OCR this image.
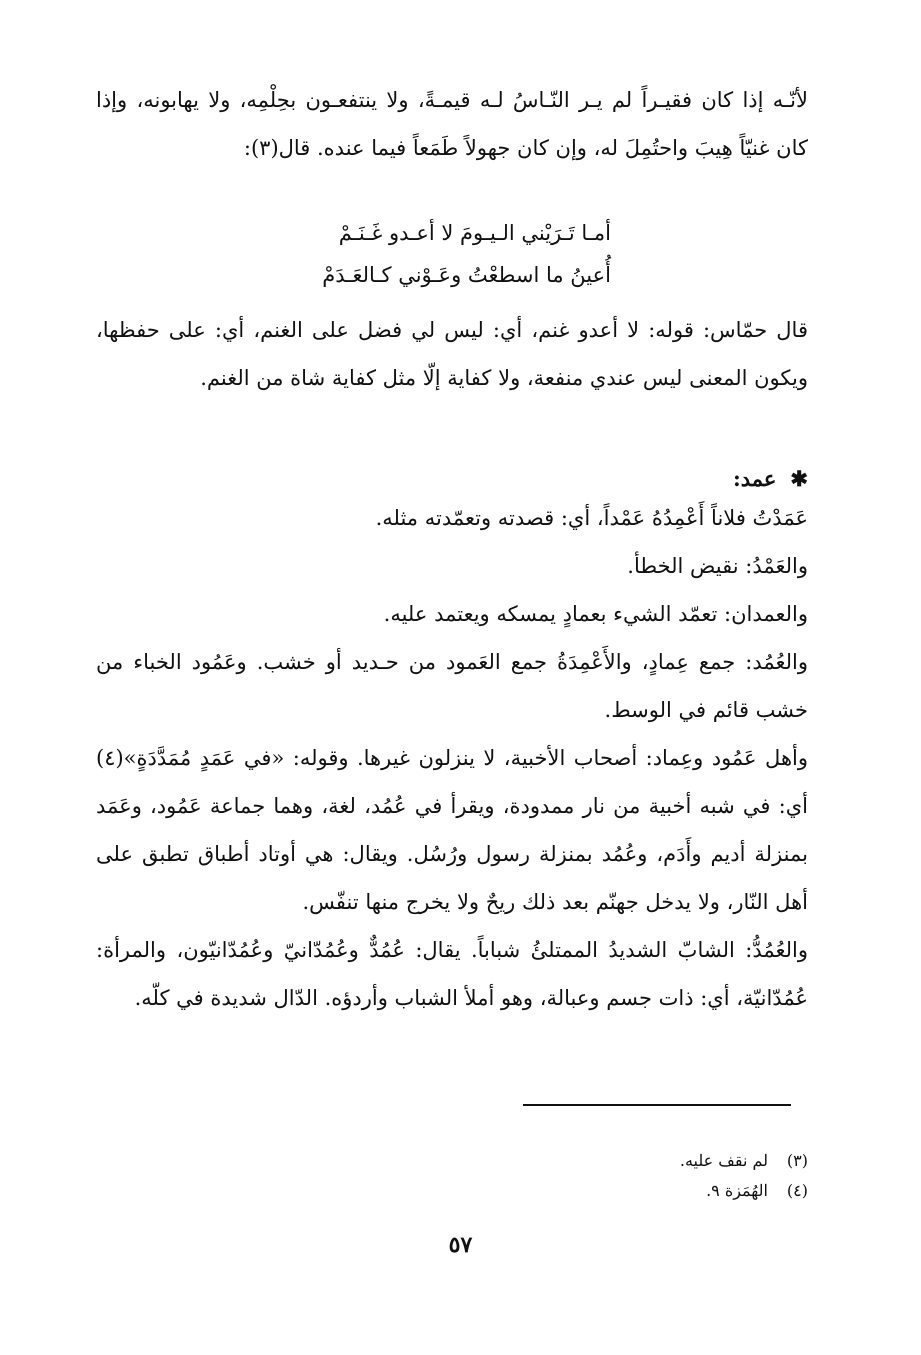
لأنّـه إذا كان فقيـراً لم يـر النّـاسُ لـه قيمـةً، ولا ينتفعـون بحِلْمِه، ولا يهابونه، وإذا كان غنيّاً هِيبَ واحتُمِلَ له، وإن كان جهولاً طَمَعاً فيما عنده. قال(٣):
أمـا تَـرَيْني الـيـومَ لا أعـدو غَـنَـمْ
أُعينُ ما اسطعْتُ وعَـوْني كـالعَـدَمْ
قال حمّاس: قوله: لا أعدو غنم، أي: ليس لي فضل على الغنم، أي: على حفظها، ويكون المعنى ليس عندي منفعة، ولا كفاية إلّا مثل كفاية شاة من الغنم.
✱عمد:

عَمَدْتُ فلاناً أَعْمِدُهُ عَمْداً، أي: قصدته وتعمّدته مثله.

والعَمْدُ: نقيض الخطأ.

والعمدان: تعمّد الشيء بعمادٍ يمسكه ويعتمد عليه.

والعُمُد: جمع عِمادٍ، والأَعْمِدَةُ جمع العَمود من حـديد أو خشب. وعَمُود الخباء من خشب قائم في الوسط.

وأهل عَمُود وعِماد: أصحاب الأخبية، لا ينزلون غيرها. وقوله: «في عَمَدٍ مُمَدَّدَةٍ»(٤) أي: في شبه أخبية من نار ممدودة، ويقرأ في عُمُد، لغة، وهما جماعة عَمُود، وعَمَد بمنزلة أديم وأَدَم، وعُمُد بمنزلة رسول ورُسُل. ويقال: هي أوتاد أطباق تطبق على أهل النّار، ولا يدخل جهنّم بعد ذلك ريحٌ ولا يخرج منها تنفّس.

والعُمُدُّ: الشابّ الشديدُ الممتلئُ شباباً. يقال: عُمُدٌّ وعُمُدّانيّ وعُمُدّانيّون، والمرأة: عُمُدّانيّة، أي: ذات جسم وعبالة، وهو أملأ الشباب وأردؤه. الدّال شديدة في كلّه.

(٣)لم نقف عليه.
(٤)الهُمَزة ٩.
٥٧
